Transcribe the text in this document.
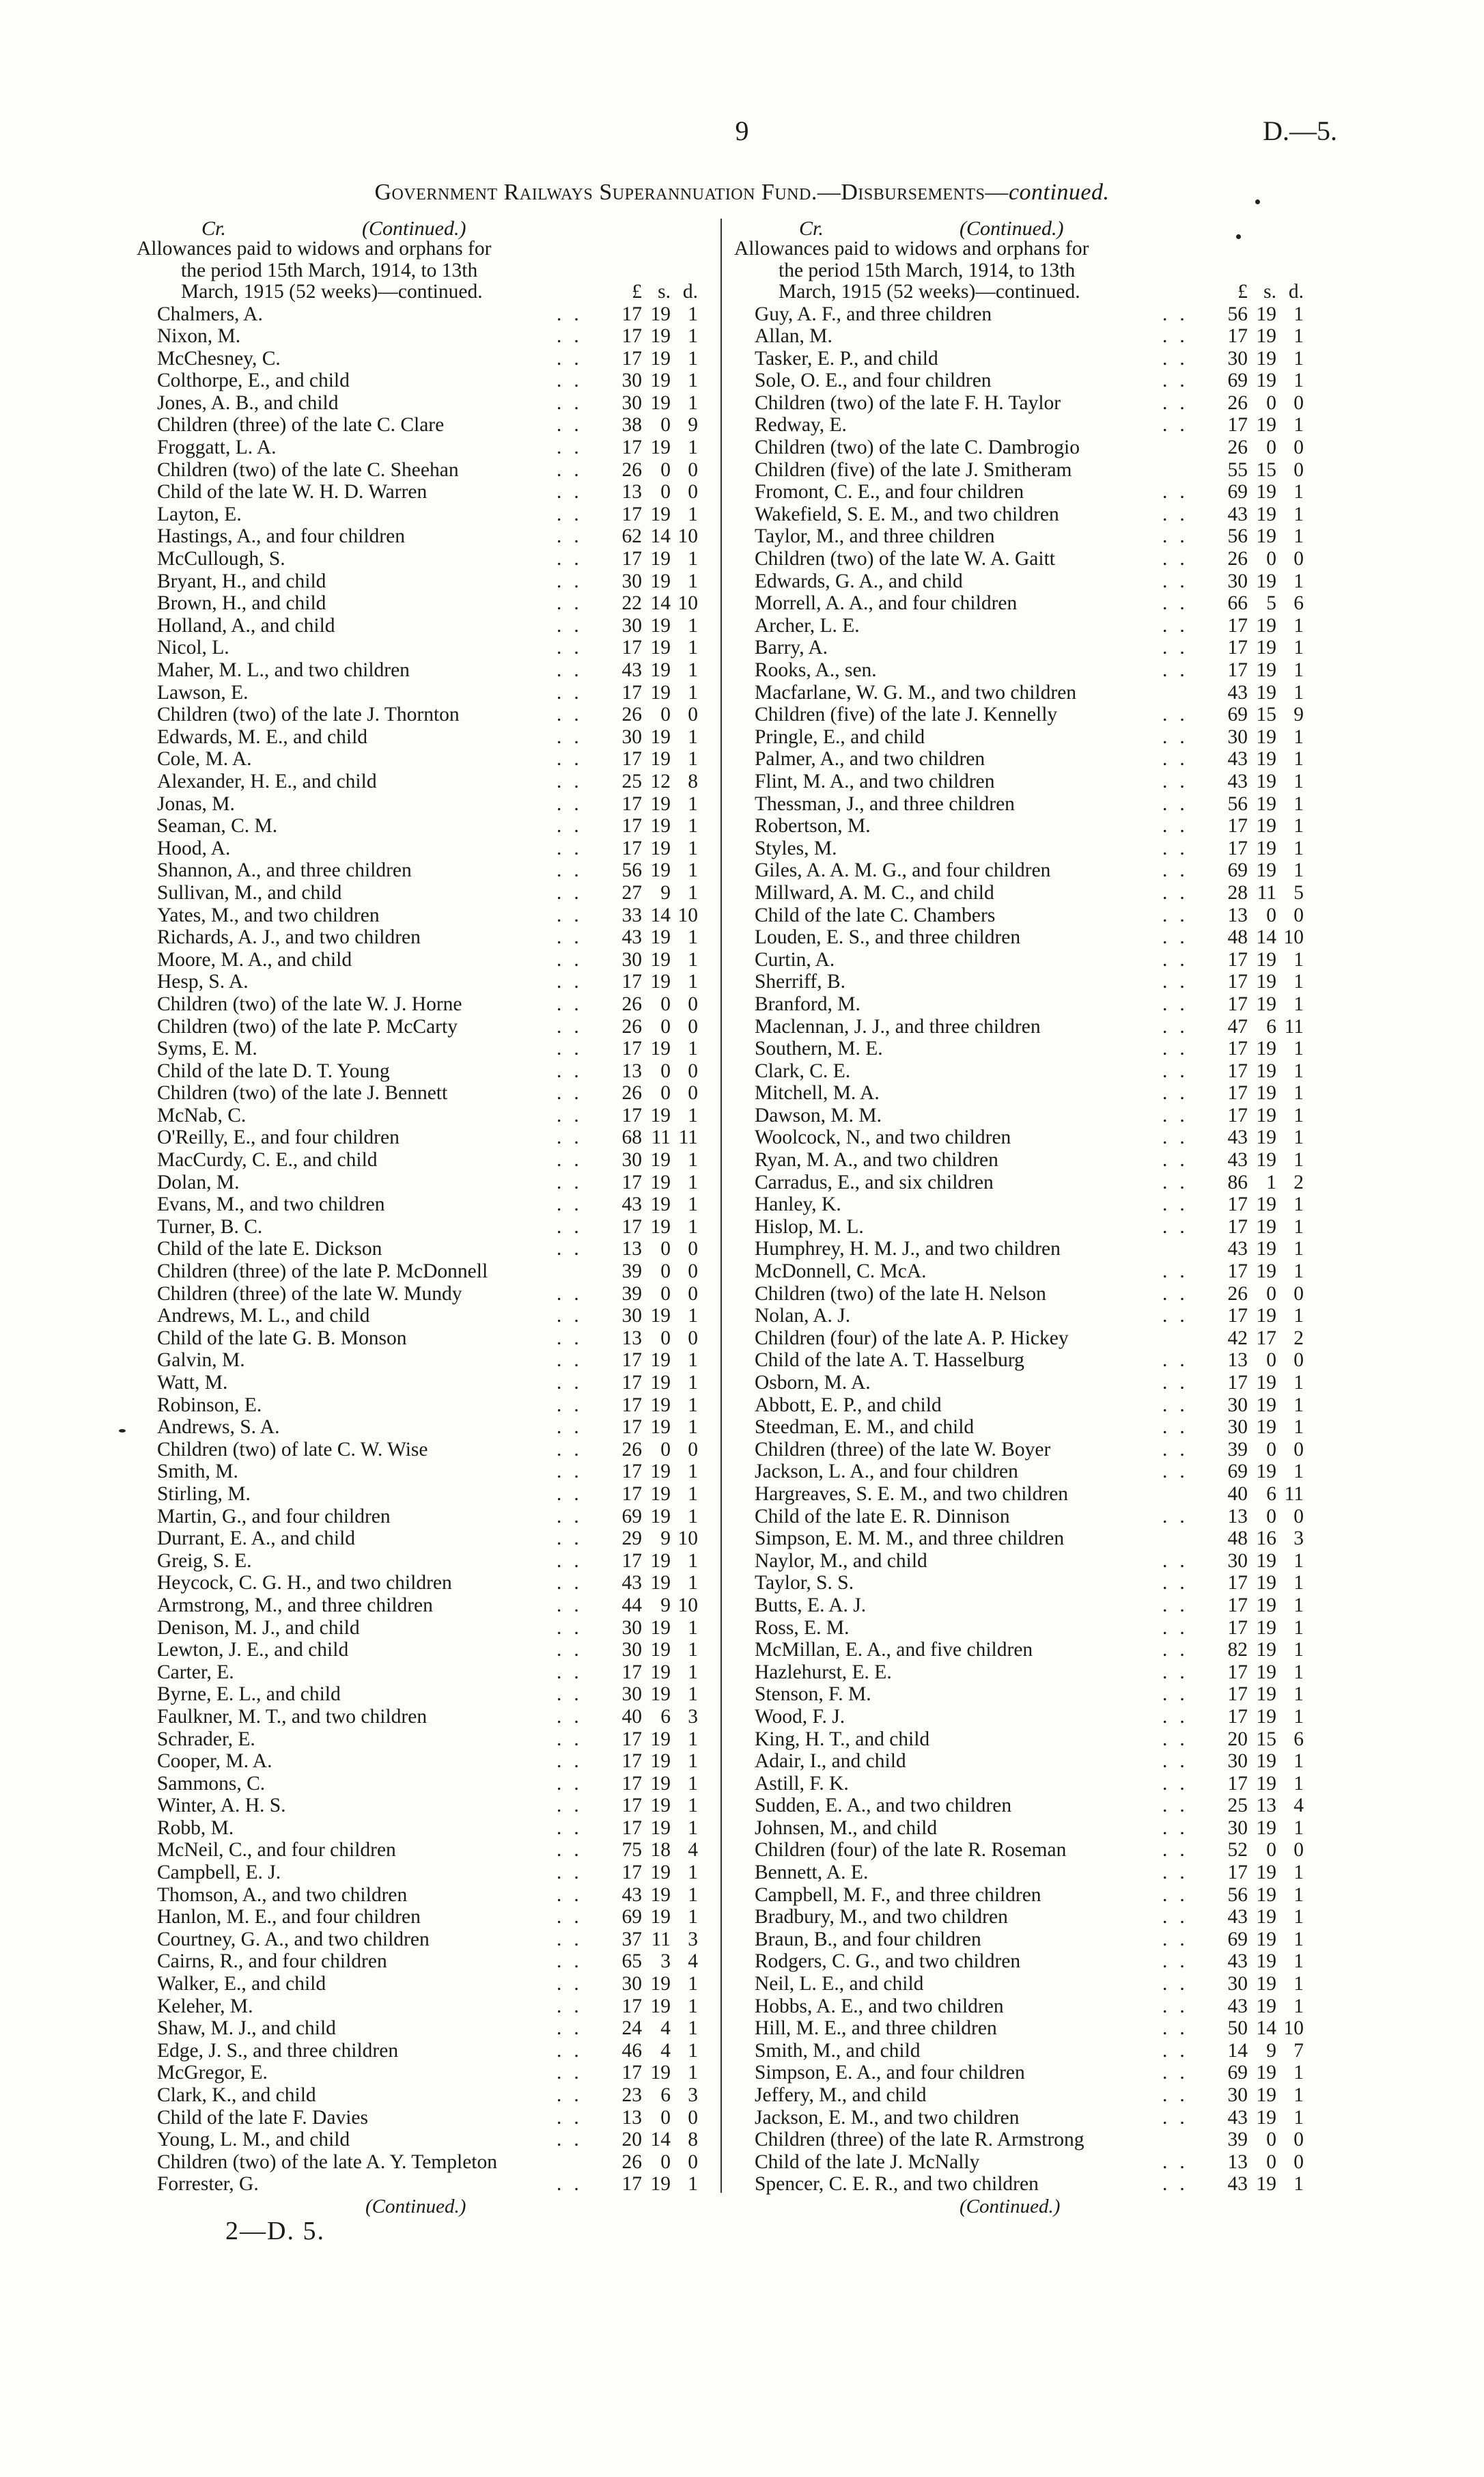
9	D.—5.
Government Railways Superannuation Fund.—Disbursements—continued.
Cr.	(Continued.)
Allowances paid to widows and orphans for
the period 15th March, 1914, to 13th
March, 1915 (52 weeks)—continued.	£ s. d.
Chalmers, A.	..	17 19 1
Nixon, M.	..	17 19 1
McChesney, C.	..	17 19 1
Colthorpe, E., and child	..	30 19 1
Jones, A. B., and child	..	30 19 1
Children (three) of the late C. Clare	..	38 0 9
Froggatt, L. A.	..	17 19 1
Children (two) of the late C. Sheehan	..	26 0 0
Child of the late W. H. D. Warren	..	13 0 0
Layton, E.	..	17 19 1
Hastings, A., and four children	..	62 14 10
McCullough, S.	..	17 19 1
Bryant, H., and child	..	30 19 1
Brown, H., and child	..	22 14 10
Holland, A., and child	..	30 19 1
Nicol, L.	..	17 19 1
Maher, M. L., and two children	..	43 19 1
Lawson, E.	..	17 19 1
Children (two) of the late J. Thornton	..	26 0 0
Edwards, M. E., and child	..	30 19 1
Cole, M. A.	..	17 19 1
Alexander, H. E., and child	..	25 12 8
Jonas, M.	..	17 19 1
Seaman, C. M.	..	17 19 1
Hood, A.	..	17 19 1
Shannon, A., and three children	..	56 19 1
Sullivan, M., and child	..	27 9 1
Yates, M., and two children	..	33 14 10
Richards, A. J., and two children	..	43 19 1
Moore, M. A., and child	..	30 19 1
Hesp, S. A.	..	17 19 1
Children (two) of the late W. J. Horne	..	26 0 0
Children (two) of the late P. McCarty	..	26 0 0
Syms, E. M.	..	17 19 1
Child of the late D. T. Young	..	13 0 0
Children (two) of the late J. Bennett	..	26 0 0
McNab, C.	..	17 19 1
O'Reilly, E., and four children	..	68 11 11
MacCurdy, C. E., and child	..	30 19 1
Dolan, M.	..	17 19 1
Evans, M., and two children	..	43 19 1
Turner, B. C.	..	17 19 1
Child of the late E. Dickson	..	13 0 0
Children (three) of the late P. McDonnell	39 0 0
Children (three) of the late W. Mundy	..	39 0 0
Andrews, M. L., and child	..	30 19 1
Child of the late G. B. Monson	..	13 0 0
Galvin, M.	..	17 19 1
Watt, M.	..	17 19 1
Robinson, E.	..	17 19 1
Andrews, S. A.	..	17 19 1
Children (two) of late C. W. Wise	..	26 0 0
Smith, M.	..	17 19 1
Stirling, M.	..	17 19 1
Martin, G., and four children	..	69 19 1
Durrant, E. A., and child	..	29 9 10
Greig, S. E.	..	17 19 1
Heycock, C. G. H., and two children	..	43 19 1
Armstrong, M., and three children	..	44 9 10
Denison, M. J., and child	..	30 19 1
Lewton, J. E., and child	..	30 19 1
Carter, E.	..	17 19 1
Byrne, E. L., and child	..	30 19 1
Faulkner, M. T., and two children	..	40 6 3
Schrader, E.	..	17 19 1
Cooper, M. A.	..	17 19 1
Sammons, C.	..	17 19 1
Winter, A. H. S.	..	17 19 1
Robb, M.	..	17 19 1
McNeil, C., and four children	..	75 18 4
Campbell, E. J.	..	17 19 1
Thomson, A., and two children	..	43 19 1
Hanlon, M. E., and four children	..	69 19 1
Courtney, G. A., and two children	..	37 11 3
Cairns, R., and four children	..	65 3 4
Walker, E., and child	..	30 19 1
Keleher, M.	..	17 19 1
Shaw, M. J., and child	..	24 4 1
Edge, J. S., and three children	..	46 4 1
McGregor, E.	..	17 19 1
Clark, K., and child	..	23 6 3
Child of the late F. Davies	..	13 0 0
Young, L. M., and child	..	20 14 8
Children (two) of the late A. Y. Templeton	26 0 0
Forrester, G.	..	17 19 1
(Continued.)
Cr.	(Continued.)
Allowances paid to widows and orphans for
the period 15th March, 1914, to 13th
March, 1915 (52 weeks)—continued.	£ s. d.
Guy, A. F., and three children	..	56 19 1
Allan, M.	..	17 19 1
Tasker, E. P., and child	..	30 19 1
Sole, O. E., and four children	..	69 19 1
Children (two) of the late F. H. Taylor	..	26 0 0
Redway, E.	..	17 19 1
Children (two) of the late C. Dambrogio	26 0 0
Children (five) of the late J. Smitheram	55 15 0
Fromont, C. E., and four children	..	69 19 1
Wakefield, S. E. M., and two children	..	43 19 1
Taylor, M., and three children	..	56 19 1
Children (two) of the late W. A. Gaitt	..	26 0 0
Edwards, G. A., and child	..	30 19 1
Morrell, A. A., and four children	..	66 5 6
Archer, L. E.	..	17 19 1
Barry, A.	..	17 19 1
Rooks, A., sen.	..	17 19 1
Macfarlane, W. G. M., and two children	43 19 1
Children (five) of the late J. Kennelly	..	69 15 9
Pringle, E., and child	..	30 19 1
Palmer, A., and two children	..	43 19 1
Flint, M. A., and two children	..	43 19 1
Thessman, J., and three children	..	56 19 1
Robertson, M.	..	17 19 1
Styles, M.	..	17 19 1
Giles, A. A. M. G., and four children	..	69 19 1
Millward, A. M. C., and child	..	28 11 5
Child of the late C. Chambers	..	13 0 0
Louden, E. S., and three children	..	48 14 10
Curtin, A.	..	17 19 1
Sherriff, B.	..	17 19 1
Branford, M.	..	17 19 1
Maclennan, J. J., and three children	..	47 6 11
Southern, M. E.	..	17 19 1
Clark, C. E.	..	17 19 1
Mitchell, M. A.	..	17 19 1
Dawson, M. M.	..	17 19 1
Woolcock, N., and two children	..	43 19 1
Ryan, M. A., and two children	..	43 19 1
Carradus, E., and six children	..	86 1 2
Hanley, K.	..	17 19 1
Hislop, M. L.	..	17 19 1
Humphrey, H. M. J., and two children	43 19 1
McDonnell, C. McA.	..	17 19 1
Children (two) of the late H. Nelson	..	26 0 0
Nolan, A. J.	..	17 19 1
Children (four) of the late A. P. Hickey	42 17 2
Child of the late A. T. Hasselburg	..	13 0 0
Osborn, M. A.	..	17 19 1
Abbott, E. P., and child	..	30 19 1
Steedman, E. M., and child	..	30 19 1
Children (three) of the late W. Boyer	..	39 0 0
Jackson, L. A., and four children	..	69 19 1
Hargreaves, S. E. M., and two children	40 6 11
Child of the late E. R. Dinnison	..	13 0 0
Simpson, E. M. M., and three children	48 16 3
Naylor, M., and child	..	30 19 1
Taylor, S. S.	..	17 19 1
Butts, E. A. J.	..	17 19 1
Ross, E. M.	..	17 19 1
McMillan, E. A., and five children	..	82 19 1
Hazlehurst, E. E.	..	17 19 1
Stenson, F. M.	..	17 19 1
Wood, F. J.	..	17 19 1
King, H. T., and child	..	20 15 6
Adair, I., and child	..	30 19 1
Astill, F. K.	..	17 19 1
Sudden, E. A., and two children	..	25 13 4
Johnsen, M., and child	..	30 19 1
Children (four) of the late R. Roseman	..	52 0 0
Bennett, A. E.	..	17 19 1
Campbell, M. F., and three children	..	56 19 1
Bradbury, M., and two children	..	43 19 1
Braun, B., and four children	..	69 19 1
Rodgers, C. G., and two children	..	43 19 1
Neil, L. E., and child	..	30 19 1
Hobbs, A. E., and two children	..	43 19 1
Hill, M. E., and three children	..	50 14 10
Smith, M., and child	..	14 9 7
Simpson, E. A., and four children	..	69 19 1
Jeffery, M., and child	..	30 19 1
Jackson, E. M., and two children	..	43 19 1
Children (three) of the late R. Armstrong	39 0 0
Child of the late J. McNally	..	13 0 0
Spencer, C. E. R., and two children	..	43 19 1
(Continued.)
2—D. 5.
